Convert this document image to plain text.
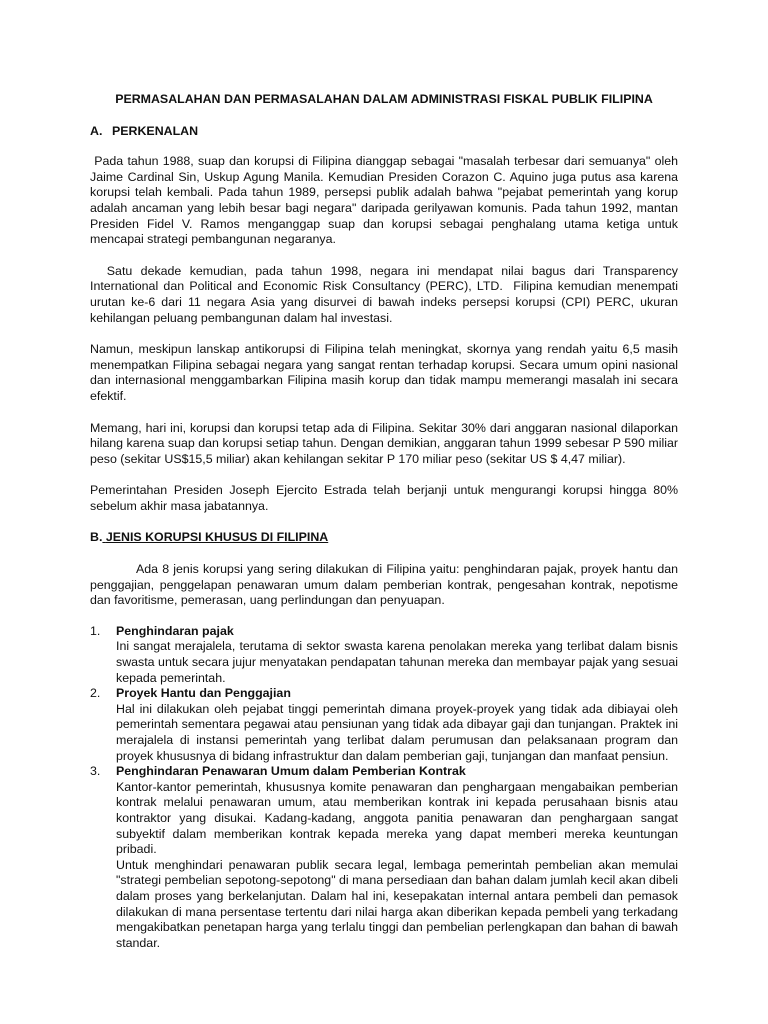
PERMASALAHAN DAN PERMASALAHAN DALAM ADMINISTRASI FISKAL PUBLIK FILIPINA
A. PERKENALAN

Pada tahun 1988, suap dan korupsi di Filipina dianggap sebagai "masalah terbesar dari semuanya" oleh Jaime Cardinal Sin, Uskup Agung Manila. Kemudian Presiden Corazon C. Aquino juga putus asa karena korupsi telah kembali. Pada tahun 1989, persepsi publik adalah bahwa "pejabat pemerintah yang korup adalah ancaman yang lebih besar bagi negara" daripada gerilyawan komunis. Pada tahun 1992, mantan Presiden Fidel V. Ramos menganggap suap dan korupsi sebagai penghalang utama ketiga untuk mencapai strategi pembangunan negaranya.

Satu dekade kemudian, pada tahun 1998, negara ini mendapat nilai bagus dari Transparency International dan Political and Economic Risk Consultancy (PERC), LTD.  Filipina kemudian menempati urutan ke-6 dari 11 negara Asia yang disurvei di bawah indeks persepsi korupsi (CPI) PERC, ukuran kehilangan peluang pembangunan dalam hal investasi.

Namun, meskipun lanskap antikorupsi di Filipina telah meningkat, skornya yang rendah yaitu 6,5 masih menempatkan Filipina sebagai negara yang sangat rentan terhadap korupsi. Secara umum opini nasional dan internasional menggambarkan Filipina masih korup dan tidak mampu memerangi masalah ini secara efektif.

Memang, hari ini, korupsi dan korupsi tetap ada di Filipina. Sekitar 30% dari anggaran nasional dilaporkan hilang karena suap dan korupsi setiap tahun. Dengan demikian, anggaran tahun 1999 sebesar P 590 miliar peso (sekitar US$15,5 miliar) akan kehilangan sekitar P 170 miliar peso (sekitar US $ 4,47 miliar).

Pemerintahan Presiden Joseph Ejercito Estrada telah berjanji untuk mengurangi korupsi hingga 80% sebelum akhir masa jabatannya.

B. JENIS KORUPSI KHUSUS DI FILIPINA

Ada 8 jenis korupsi yang sering dilakukan di Filipina yaitu: penghindaran pajak, proyek hantu dan penggajian, penggelapan penawaran umum dalam pemberian kontrak, pengesahan kontrak, nepotisme dan favoritisme, pemerasan, uang perlindungan dan penyuapan.

1. Penghindaran pajak
Ini sangat merajalela, terutama di sektor swasta karena penolakan mereka yang terlibat dalam bisnis swasta untuk secara jujur menyatakan pendapatan tahunan mereka dan membayar pajak yang sesuai kepada pemerintah.
2. Proyek Hantu dan Penggajian
Hal ini dilakukan oleh pejabat tinggi pemerintah dimana proyek-proyek yang tidak ada dibiayai oleh pemerintah sementara pegawai atau pensiunan yang tidak ada dibayar gaji dan tunjangan. Praktek ini merajalela di instansi pemerintah yang terlibat dalam perumusan dan pelaksanaan program dan proyek khususnya di bidang infrastruktur dan dalam pemberian gaji, tunjangan dan manfaat pensiun.
3. Penghindaran Penawaran Umum dalam Pemberian Kontrak
Kantor-kantor pemerintah, khususnya komite penawaran dan penghargaan mengabaikan pemberian kontrak melalui penawaran umum, atau memberikan kontrak ini kepada perusahaan bisnis atau kontraktor yang disukai. Kadang-kadang, anggota panitia penawaran dan penghargaan sangat subyektif dalam memberikan kontrak kepada mereka yang dapat memberi mereka keuntungan pribadi.
Untuk menghindari penawaran publik secara legal, lembaga pemerintah pembelian akan memulai "strategi pembelian sepotong-sepotong" di mana persediaan dan bahan dalam jumlah kecil akan dibeli dalam proses yang berkelanjutan. Dalam hal ini, kesepakatan internal antara pembeli dan pemasok dilakukan di mana persentase tertentu dari nilai harga akan diberikan kepada pembeli yang terkadang mengakibatkan penetapan harga yang terlalu tinggi dan pembelian perlengkapan dan bahan di bawah standar.
